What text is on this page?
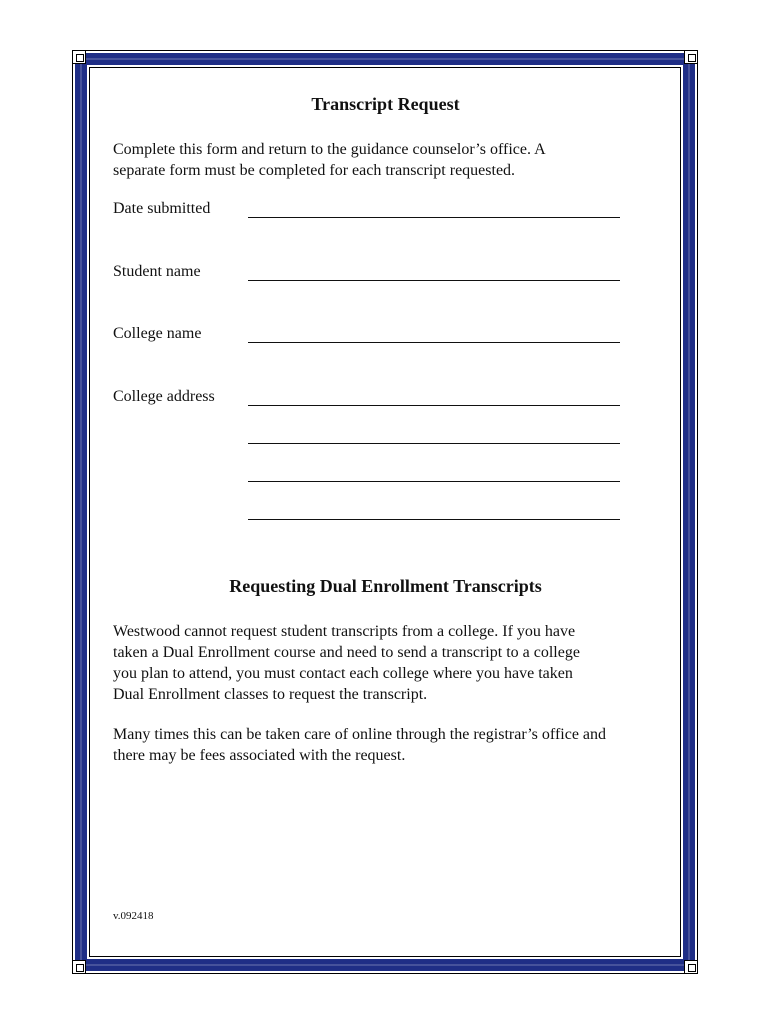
Transcript Request
Complete this form and return to the guidance counselor’s office. A
separate form must be completed for each transcript requested.
Date submitted
Student name
College name
College address
Requesting Dual Enrollment Transcripts
Westwood cannot request student transcripts from a college. If you have
taken a Dual Enrollment course and need to send a transcript to a college
you plan to attend, you must contact each college where you have taken
Dual Enrollment classes to request the transcript.
Many times this can be taken care of online through the registrar’s office and
there may be fees associated with the request.
v.092418
